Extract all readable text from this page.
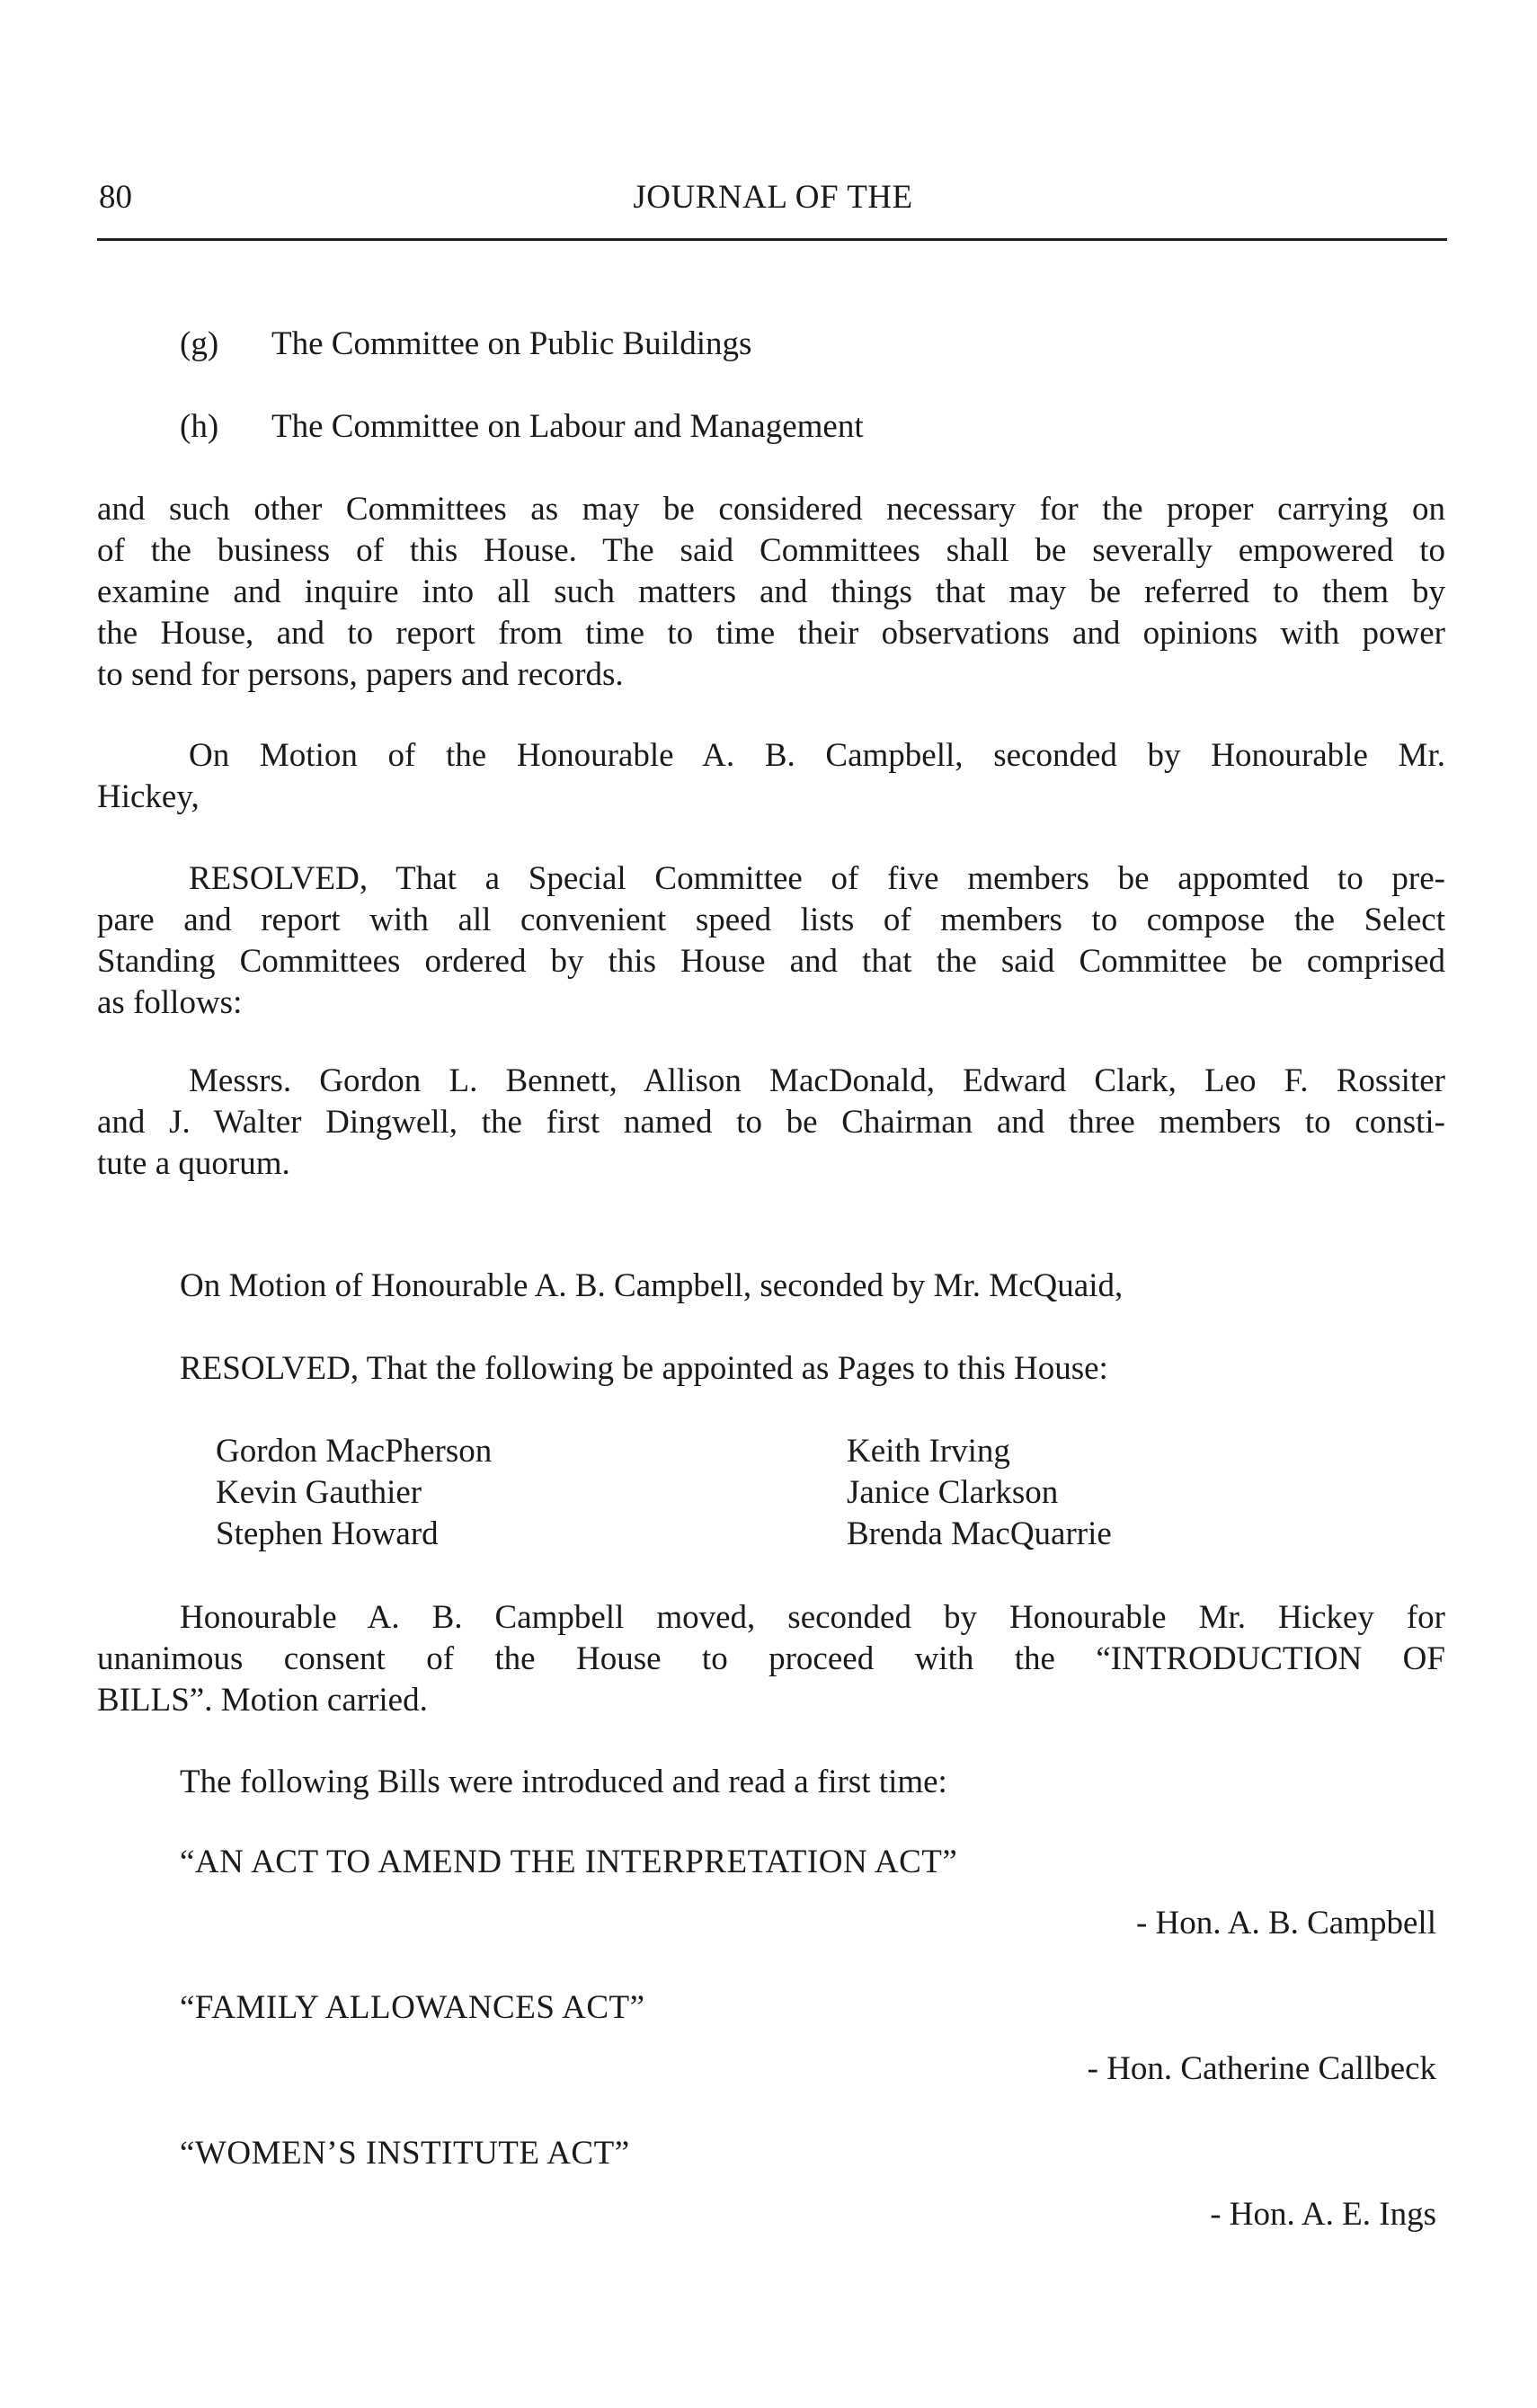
JOURNAL OF THE
80
(g) The Committee on Public Buildings
(h) The Committee on Labour and Management
and such other Committees as may be considered necessary for the proper carrying on
of the business of this House. The said Committees shall be severally empowered to
examine and inquire into all such matters and things that may be referred to them by
the House, and to report from time to time their observations and opinions with power
to send for persons, papers and records.
On Motion of the Honourable A. B. Campbell, seconded by Honourable Mr.
Hickey,
RESOLVED, That a Special Committee of five members be appomted to pre-
pare and report with all convenient speed lists of members to compose the Select
Standing Committees ordered by this House and that the said Committee be comprised
as follows:
Messrs. Gordon L. Bennett, Allison MacDonald, Edward Clark, Leo F. Rossiter
and J. Walter Dingwell, the first named to be Chairman and three members to consti-
tute a quorum.
On Motion of Honourable A. B. Campbell, seconded by Mr. McQuaid,
RESOLVED, That the following be appointed as Pages to this House:
Gordon MacPherson
Kevin Gauthier
Stephen Howard
Keith Irving
Janice Clarkson
Brenda MacQuarrie
Honourable A. B. Campbell moved, seconded by Honourable Mr. Hickey for
unanimous consent of the House to proceed with the “INTRODUCTION OF
BILLS”. Motion carried.
The following Bills were introduced and read a first time:
“AN ACT TO AMEND THE INTERPRETATION ACT”
- Hon. A. B. Campbell
“FAMILY ALLOWANCES ACT”
- Hon. Catherine Callbeck
“WOMEN’S INSTITUTE ACT”
- Hon. A. E. Ings
